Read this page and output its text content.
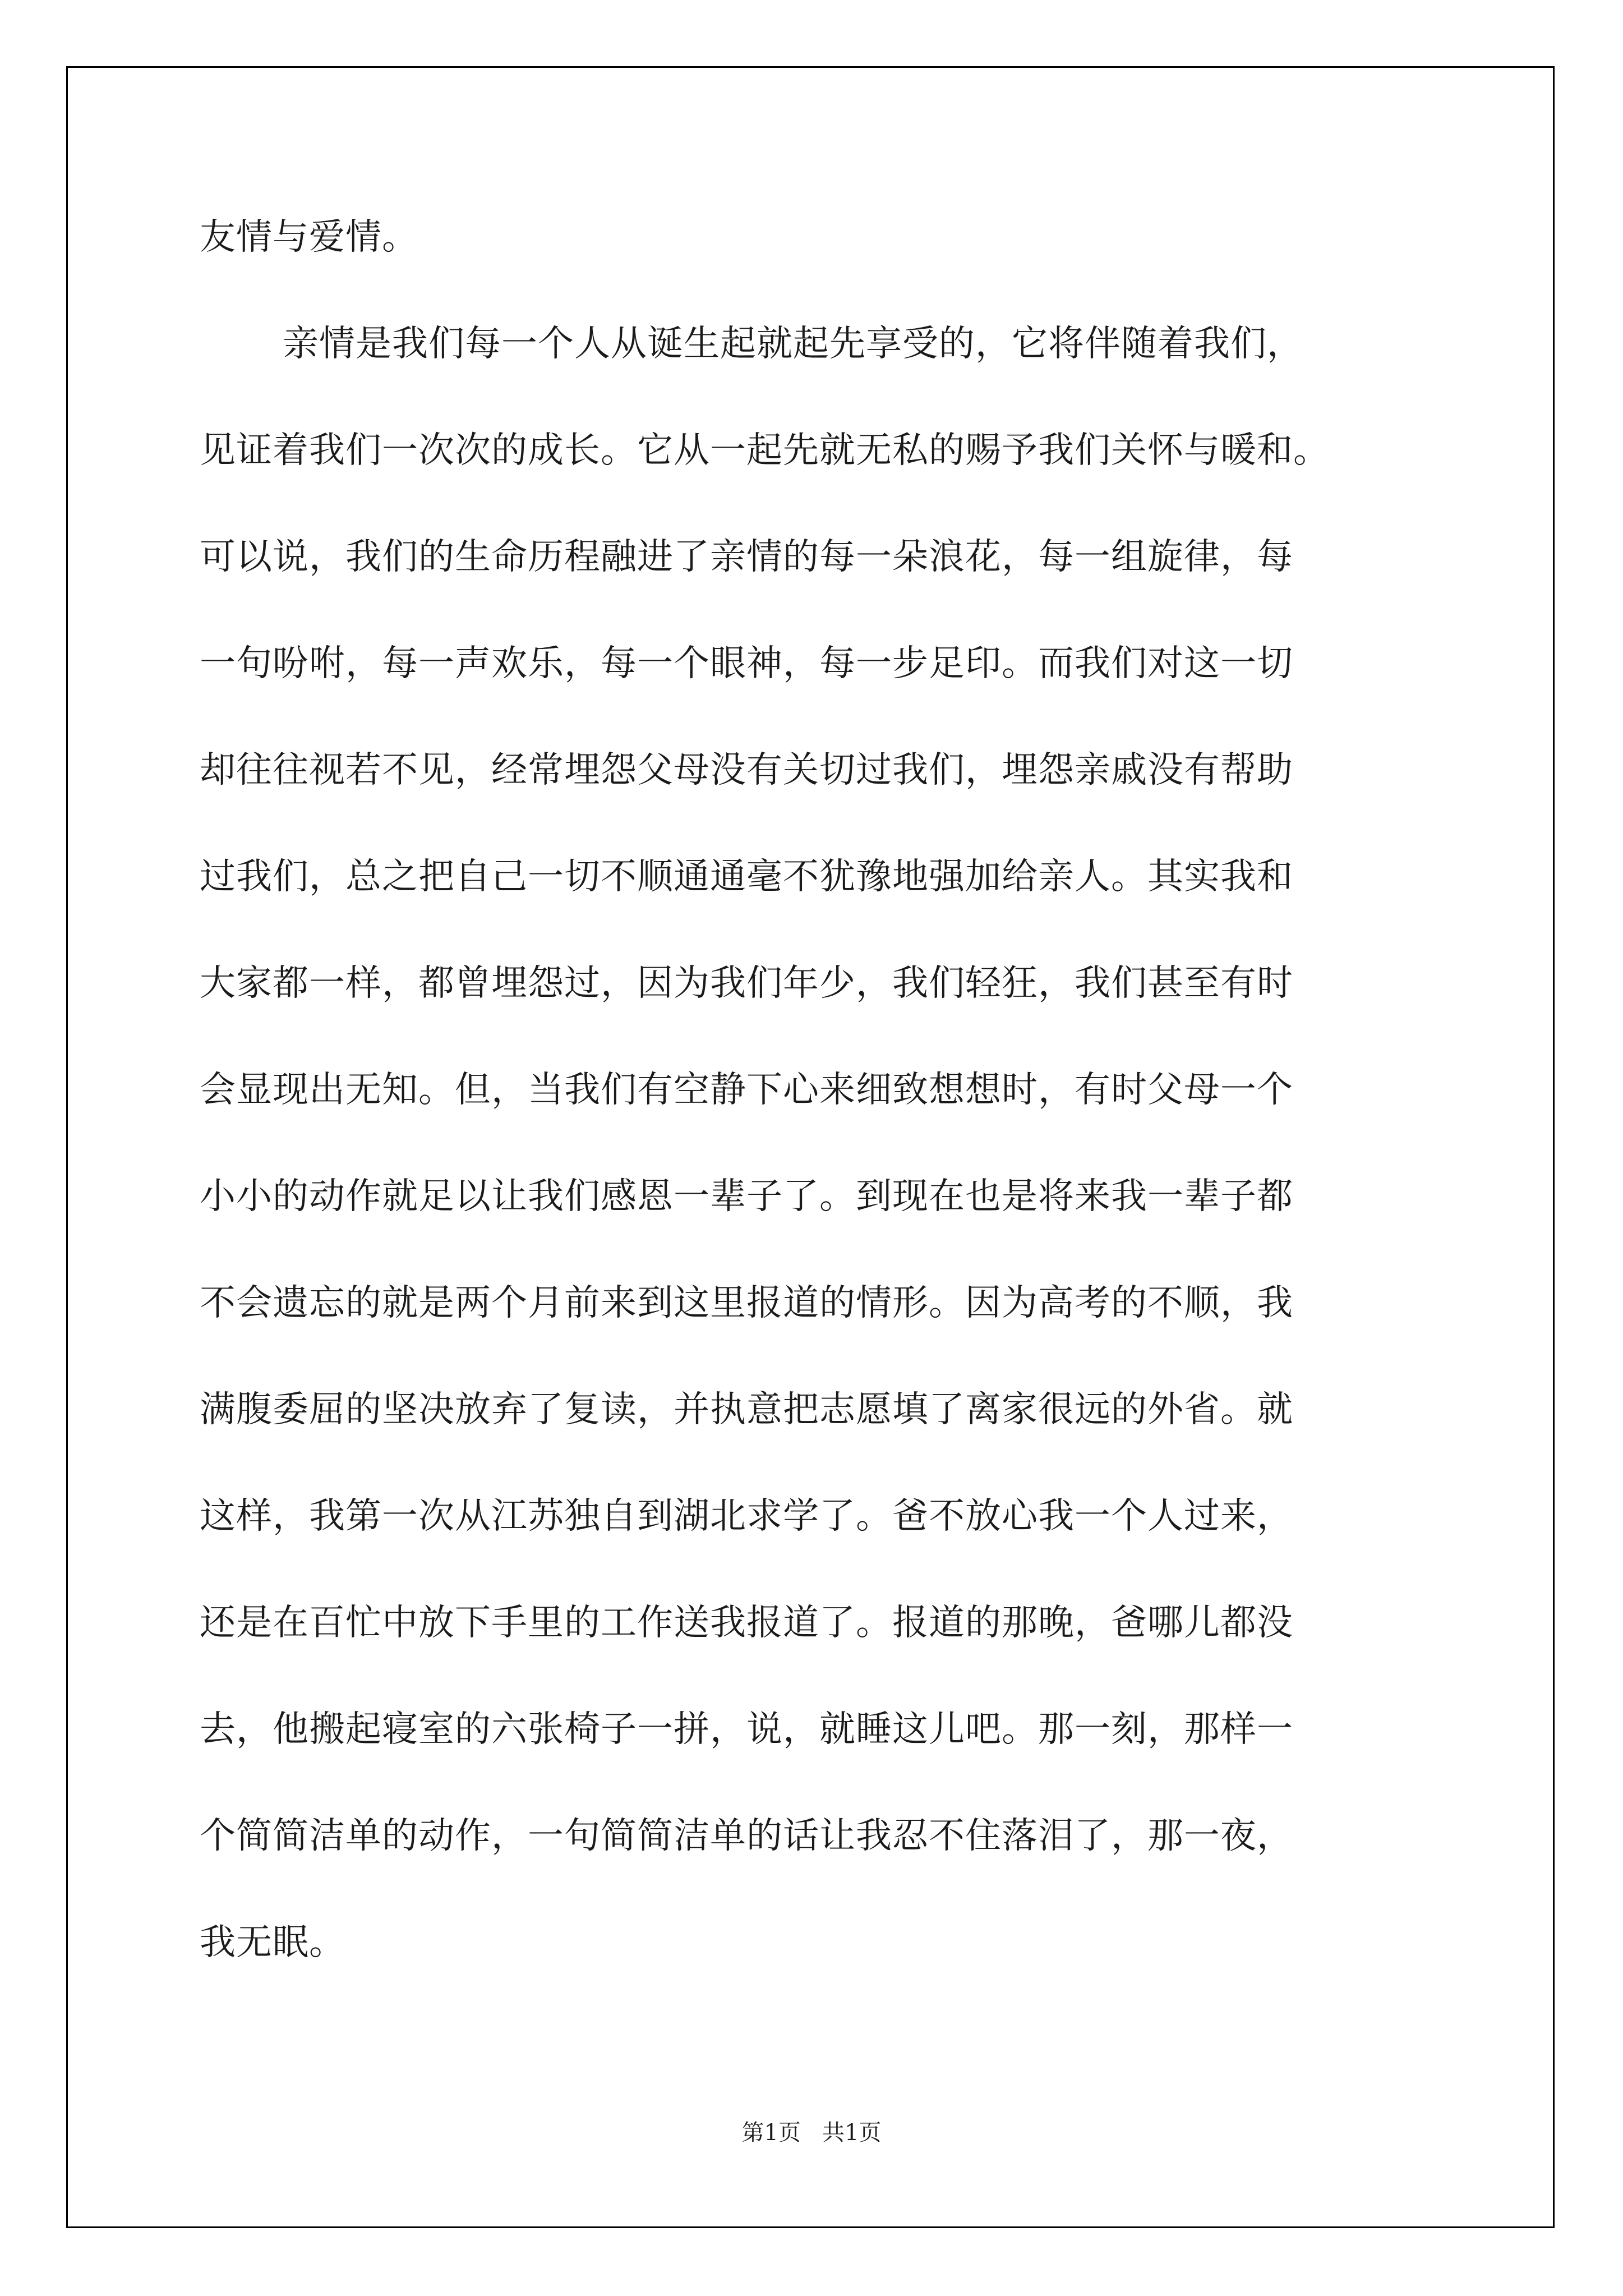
友情与爱情。
亲情是我们每一个人从诞生起就起先享受的，它将伴随着我们，
见证着我们一次次的成长。它从一起先就无私的赐予我们关怀与暖和。
可以说，我们的生命历程融进了亲情的每一朵浪花，每一组旋律，每
一句吩咐，每一声欢乐，每一个眼神，每一步足印。而我们对这一切
却往往视若不见，经常埋怨父母没有关切过我们，埋怨亲戚没有帮助
过我们，总之把自己一切不顺通通毫不犹豫地强加给亲人。其实我和
大家都一样，都曾埋怨过，因为我们年少，我们轻狂，我们甚至有时
会显现出无知。但，当我们有空静下心来细致想想时，有时父母一个
小小的动作就足以让我们感恩一辈子了。到现在也是将来我一辈子都
不会遗忘的就是两个月前来到这里报道的情形。因为高考的不顺，我
满腹委屈的坚决放弃了复读，并执意把志愿填了离家很远的外省。就
这样，我第一次从江苏独自到湖北求学了。爸不放心我一个人过来，
还是在百忙中放下手里的工作送我报道了。报道的那晚，爸哪儿都没
去，他搬起寝室的六张椅子一拼，说，就睡这儿吧。那一刻，那样一
个简简洁单的动作，一句简简洁单的话让我忍不住落泪了，那一夜，
我无眠。
第1页   共1页
